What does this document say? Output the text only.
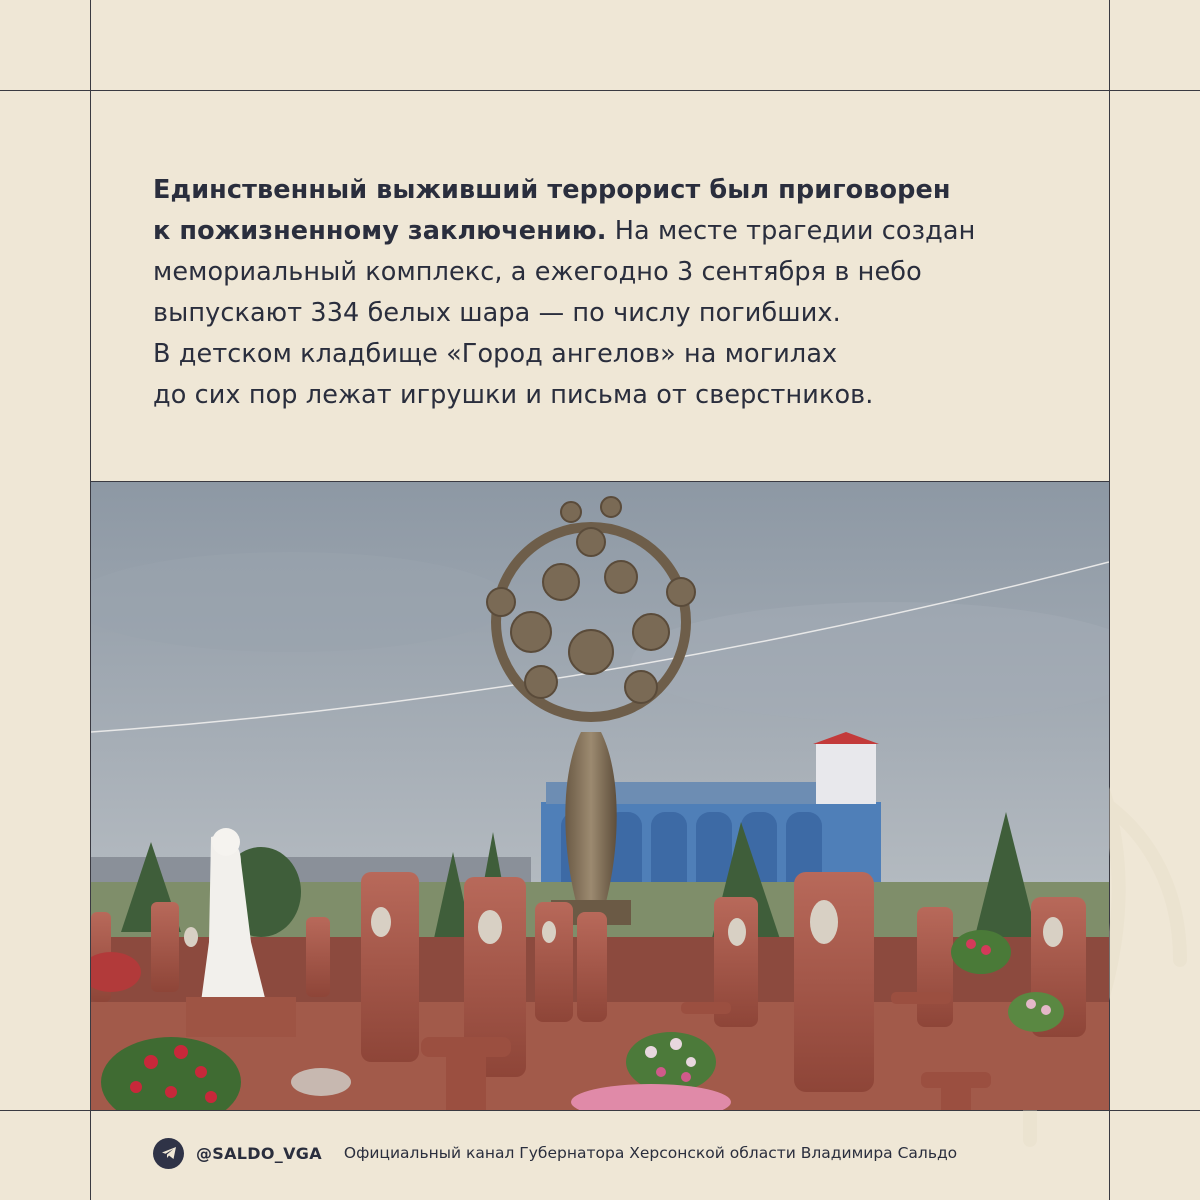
Единственный выживший террорист был приговорен

к пожизненному заключению. На месте трагедии создан

мемориальный комплекс, а ежегодно 3 сентября в небо

выпускают 334 белых шара — по числу погибших.

В детском кладбище «Город ангелов» на могилах

до сих пор лежат игрушки и письма от сверстников.

@SALDO_VGA Официальный канал Губернатора Херсонской области Владимира Сальдо
